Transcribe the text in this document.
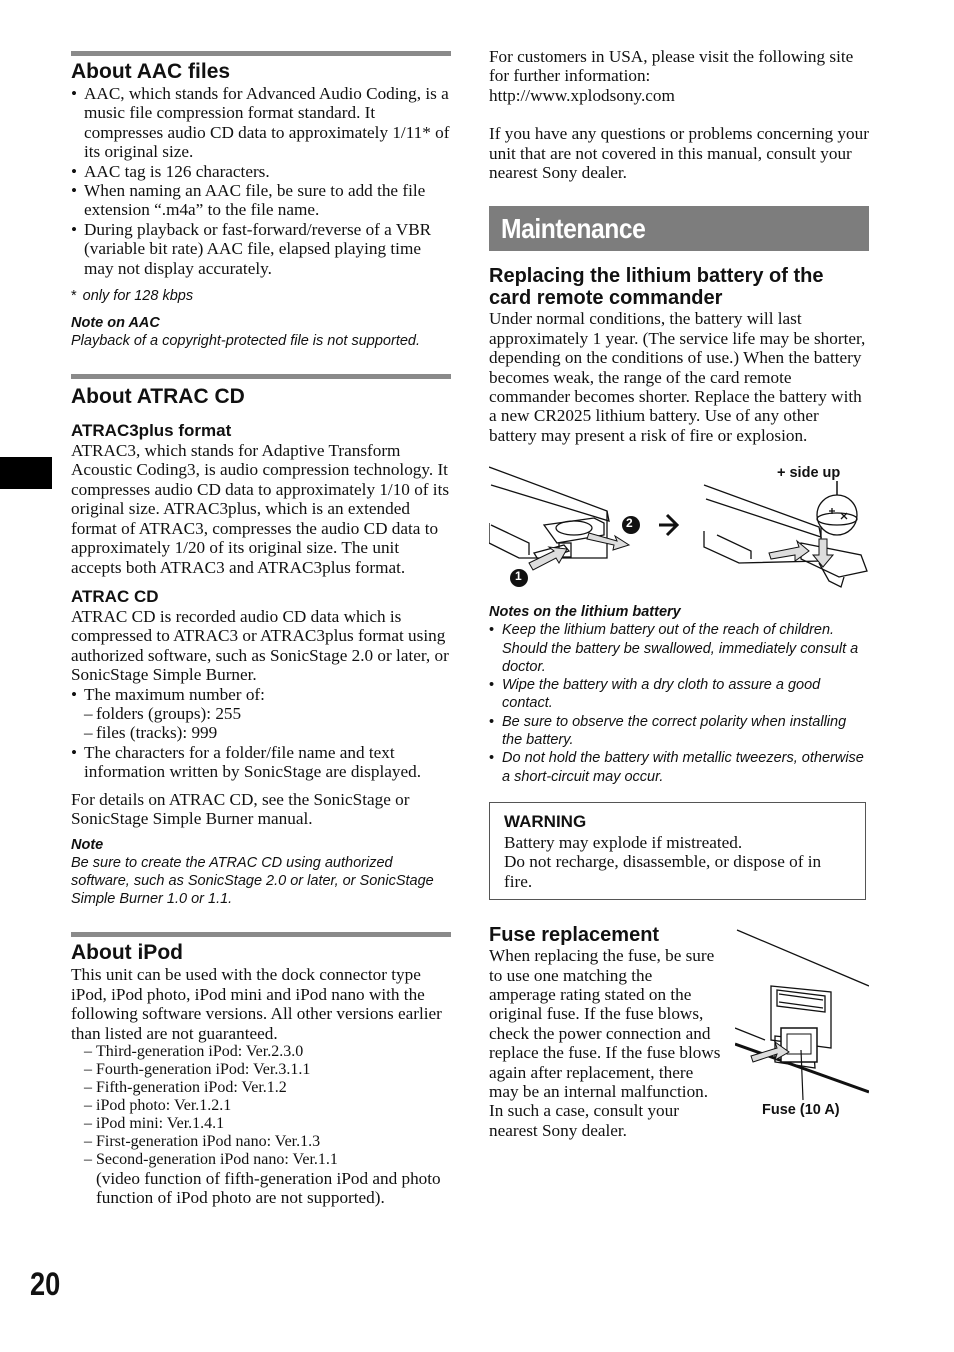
20
About AAC files
• AAC, which stands for Advanced Audio Coding, is a music file compression format standard. It compresses audio CD data to approximately 1/11* of its original size.
• AAC tag is 126 characters.
• When naming an AAC file, be sure to add the file extension “.m4a” to the file name.
• During playback or fast-forward/reverse of a VBR (variable bit rate) AAC file, elapsed playing time may not display accurately.
* only for 128 kbps
Note on AAC
Playback of a copyright-protected file is not supported.
About ATRAC CD
ATRAC3plus format

ATRAC3, which stands for Adaptive Transform Acoustic Coding3, is audio compression technology. It compresses audio CD data to approximately 1/10 of its original size. ATRAC3plus, which is an extended format of ATRAC3, compresses the audio CD data to approximately 1/20 of its original size. The unit accepts both ATRAC3 and ATRAC3plus format.

ATRAC CD

ATRAC CD is recorded audio CD data which is compressed to ATRAC3 or ATRAC3plus format using authorized software, such as SonicStage 2.0 or later, or SonicStage Simple Burner.

• The maximum number of:
– folders (groups): 255
– files (tracks): 999
• The characters for a folder/file name and text information written by SonicStage are displayed.

For details on ATRAC CD, see the SonicStage or SonicStage Simple Burner manual.

Note
Be sure to create the ATRAC CD using authorized software, such as SonicStage 2.0 or later, or SonicStage Simple Burner 1.0 or 1.1.
About iPod

This unit can be used with the dock connector type iPod, iPod photo, iPod mini and iPod nano with the following software versions. All other versions earlier than listed are not guaranteed.

– Third-generation iPod: Ver.2.3.0
– Fourth-generation iPod: Ver.3.1.1
– Fifth-generation iPod: Ver.1.2
– iPod photo: Ver.1.2.1
– iPod mini: Ver.1.4.1
– First-generation iPod nano: Ver.1.3
– Second-generation iPod nano: Ver.1.1

(video function of fifth-generation iPod and photo function of iPod photo are not supported).

For customers in USA, please visit the following site for further information:

http://www.xplodsony.com

If you have any questions or problems concerning your unit that are not covered in this manual, consult your nearest Sony dealer.

Maintenance
Replacing the lithium battery of the card remote commander

Under normal conditions, the battery will last approximately 1 year. (The service life may be shorter, depending on the conditions of use.) When the battery becomes weak, the range of the card remote commander becomes shorter. Replace the battery with a new CR2025 lithium battery. Use of any other battery may present a risk of fire or explosion.

+ side up
2
1
Notes on the lithium battery
• Keep the lithium battery out of the reach of children. Should the battery be swallowed, immediately consult a doctor.
• Wipe the battery with a dry cloth to assure a good contact.
• Be sure to observe the correct polarity when installing the battery.
• Do not hold the battery with metallic tweezers, otherwise a short-circuit may occur.
WARNING
Battery may explode if mistreated.
Do not recharge, disassemble, or dispose of in fire.
Fuse replacement

When replacing the fuse, be sure to use one matching the amperage rating stated on the original fuse. If the fuse blows, check the power connection and replace the fuse. If the fuse blows again after replacement, there may be an internal malfunction. In such a case, consult your nearest Sony dealer.

Fuse (10 A)
